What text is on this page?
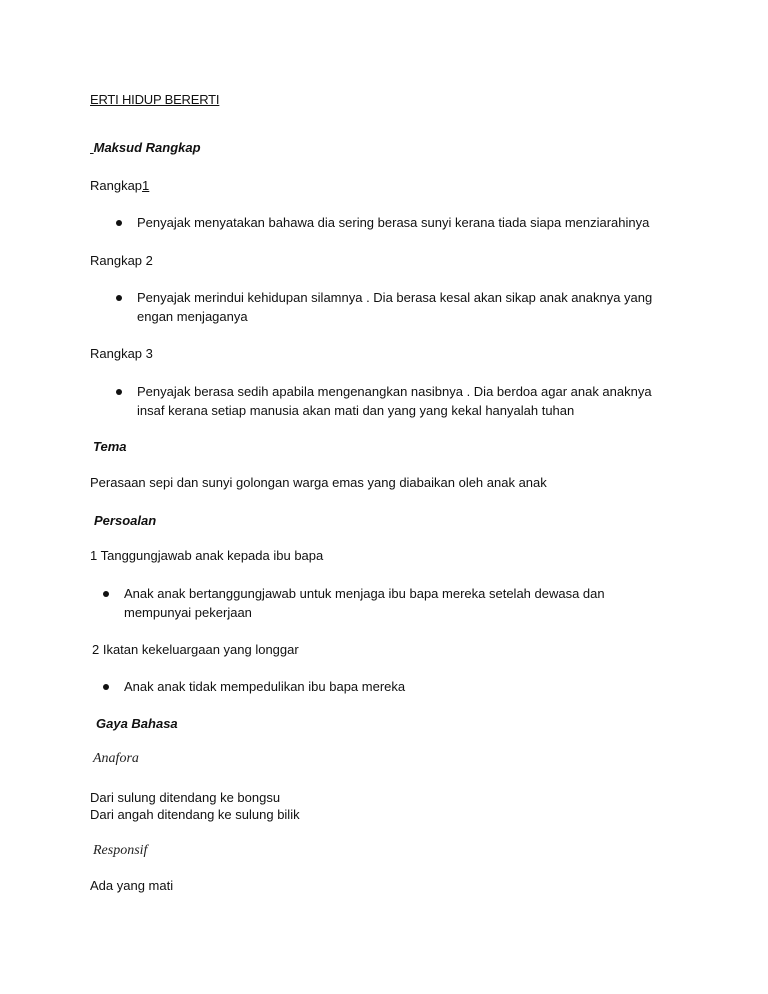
ERTI HIDUP BERERTI
Maksud Rangkap
Rangkap1
Penyajak menyatakan bahawa dia sering berasa sunyi kerana tiada siapa menziarahinya
Rangkap 2
Penyajak merindui kehidupan silamnya . Dia berasa kesal akan sikap anak anaknya yang
engan menjaganya
Rangkap 3
Penyajak berasa sedih apabila mengenangkan nasibnya . Dia berdoa agar anak anaknya
insaf kerana setiap manusia akan mati dan yang yang kekal hanyalah tuhan
Tema
Perasaan sepi dan sunyi golongan warga emas yang diabaikan oleh anak anak
Persoalan
1 Tanggungjawab anak kepada ibu bapa
Anak anak bertanggungjawab untuk menjaga ibu bapa mereka setelah dewasa dan
mempunyai pekerjaan
2 Ikatan kekeluargaan yang longgar
Anak anak tidak mempedulikan ibu bapa mereka
Gaya Bahasa
Anafora
Dari sulung ditendang ke bongsu
Dari angah ditendang ke sulung bilik
Responsif
Ada yang mati
